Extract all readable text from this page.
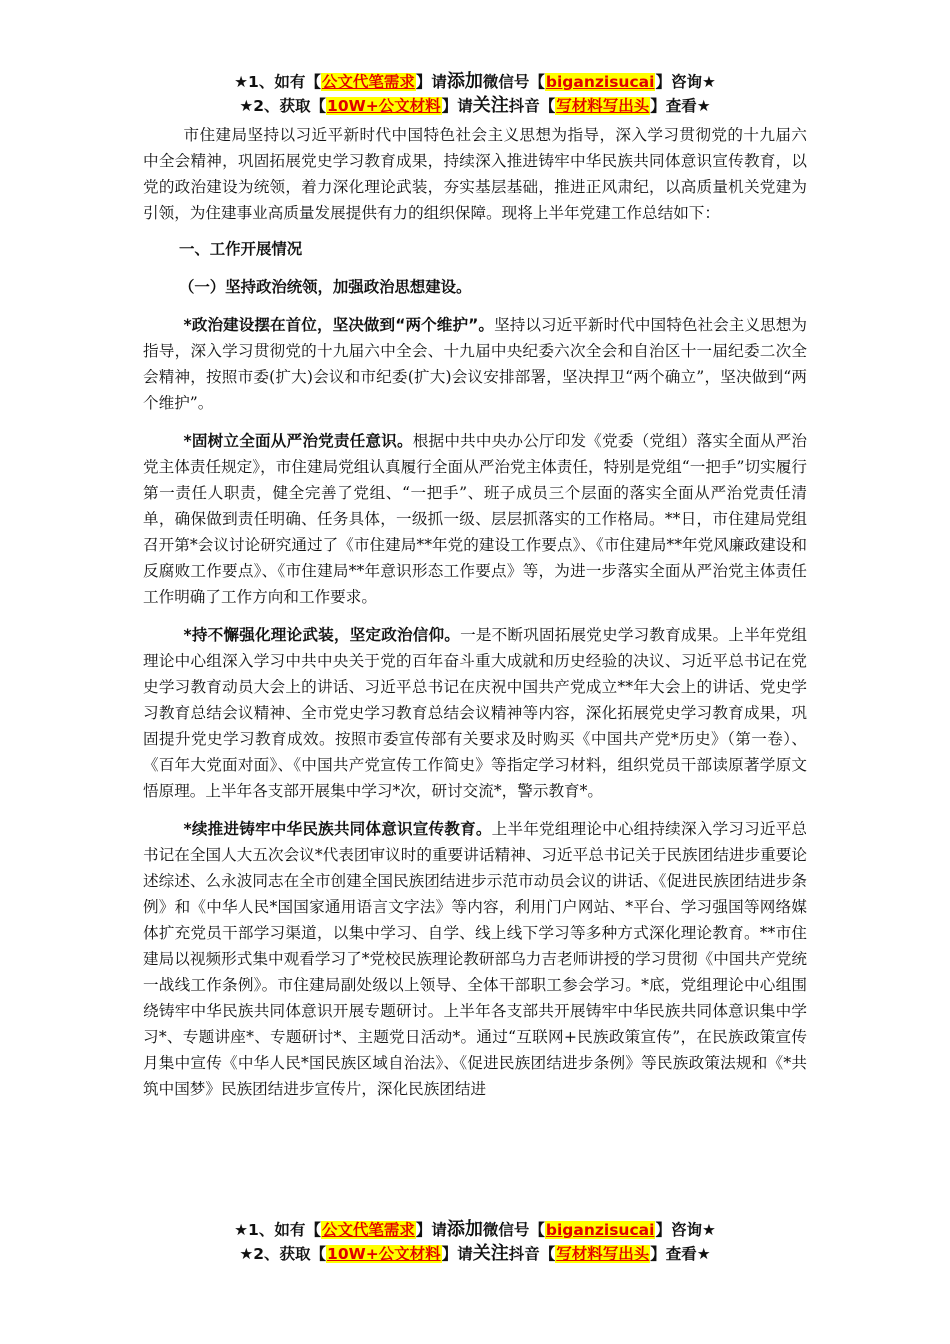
★1、如有【公文代笔需求】请添加微信号【biganzisucai】咨询★
★2、获取【10W+公文材料】请关注抖音【写材料写出头】查看★

市住建局坚持以习近平新时代中国特色社会主义思想为指导，深入学习贯彻党的十九届六中全会精神，巩固拓展党史学习教育成果，持续深入推进铸牢中华民族共同体意识宣传教育，以党的政治建设为统领，着力深化理论武装，夯实基层基础，推进正风肃纪，以高质量机关党建为引领，为住建事业高质量发展提供有力的组织保障。现将上半年党建工作总结如下：

一、工作开展情况

（一）坚持政治统领，加强政治思想建设。

*政治建设摆在首位，坚决做到“两个维护”。坚持以习近平新时代中国特色社会主义思想为指导，深入学习贯彻党的十九届六中全会、十九届中央纪委六次全会和自治区十一届纪委二次全会精神，按照市委(扩大)会议和市纪委(扩大)会议安排部署，坚决捍卫“两个确立”，坚决做到“两个维护”。

*固树立全面从严治党责任意识。根据中共中央办公厅印发《党委（党组）落实全面从严治党主体责任规定》，市住建局党组认真履行全面从严治党主体责任，特别是党组“一把手”切实履行第一责任人职责，健全完善了党组、“一把手”、班子成员三个层面的落实全面从严治党责任清单，确保做到责任明确、任务具体，一级抓一级、层层抓落实的工作格局。**日，市住建局党组召开第*会议讨论研究通过了《市住建局**年党的建设工作要点》、《市住建局**年党风廉政建设和反腐败工作要点》、《市住建局**年意识形态工作要点》等，为进一步落实全面从严治党主体责任工作明确了工作方向和工作要求。

*持不懈强化理论武装，坚定政治信仰。一是不断巩固拓展党史学习教育成果。上半年党组理论中心组深入学习中共中央关于党的百年奋斗重大成就和历史经验的决议、习近平总书记在党史学习教育动员大会上的讲话、习近平总书记在庆祝中国共产党成立**年大会上的讲话、党史学习教育总结会议精神、全市党史学习教育总结会议精神等内容，深化拓展党史学习教育成果，巩固提升党史学习教育成效。按照市委宣传部有关要求及时购买《中国共产党*历史》（第一卷）、《百年大党面对面》、《中国共产党宣传工作简史》等指定学习材料，组织党员干部读原著学原文悟原理。上半年各支部开展集中学习*次，研讨交流*，警示教育*。

*续推进铸牢中华民族共同体意识宣传教育。上半年党组理论中心组持续深入学习习近平总书记在全国人大五次会议*代表团审议时的重要讲话精神、习近平总书记关于民族团结进步重要论述综述、么永波同志在全市创建全国民族团结进步示范市动员会议的讲话、《促进民族团结进步条例》和《中华人民*国国家通用语言文字法》等内容，利用门户网站、*平台、学习强国等网络媒体扩充党员干部学习渠道，以集中学习、自学、线上线下学习等多种方式深化理论教育。**市住建局以视频形式集中观看学习了*党校民族理论教研部乌力吉老师讲授的学习贯彻《中国共产党统一战线工作条例》。市住建局副处级以上领导、全体干部职工参会学习。*底，党组理论中心组围绕铸牢中华民族共同体意识开展专题研讨。上半年各支部共开展铸牢中华民族共同体意识集中学习*、专题讲座*、专题研讨*、主题党日活动*。通过“互联网+民族政策宣传”，在民族政策宣传月集中宣传《中华人民*国民族区域自治法》、《促进民族团结进步条例》等民族政策法规和《*共筑中国梦》民族团结进步宣传片，深化民族团结进

★1、如有【公文代笔需求】请添加微信号【biganzisucai】咨询★
★2、获取【10W+公文材料】请关注抖音【写材料写出头】查看★
